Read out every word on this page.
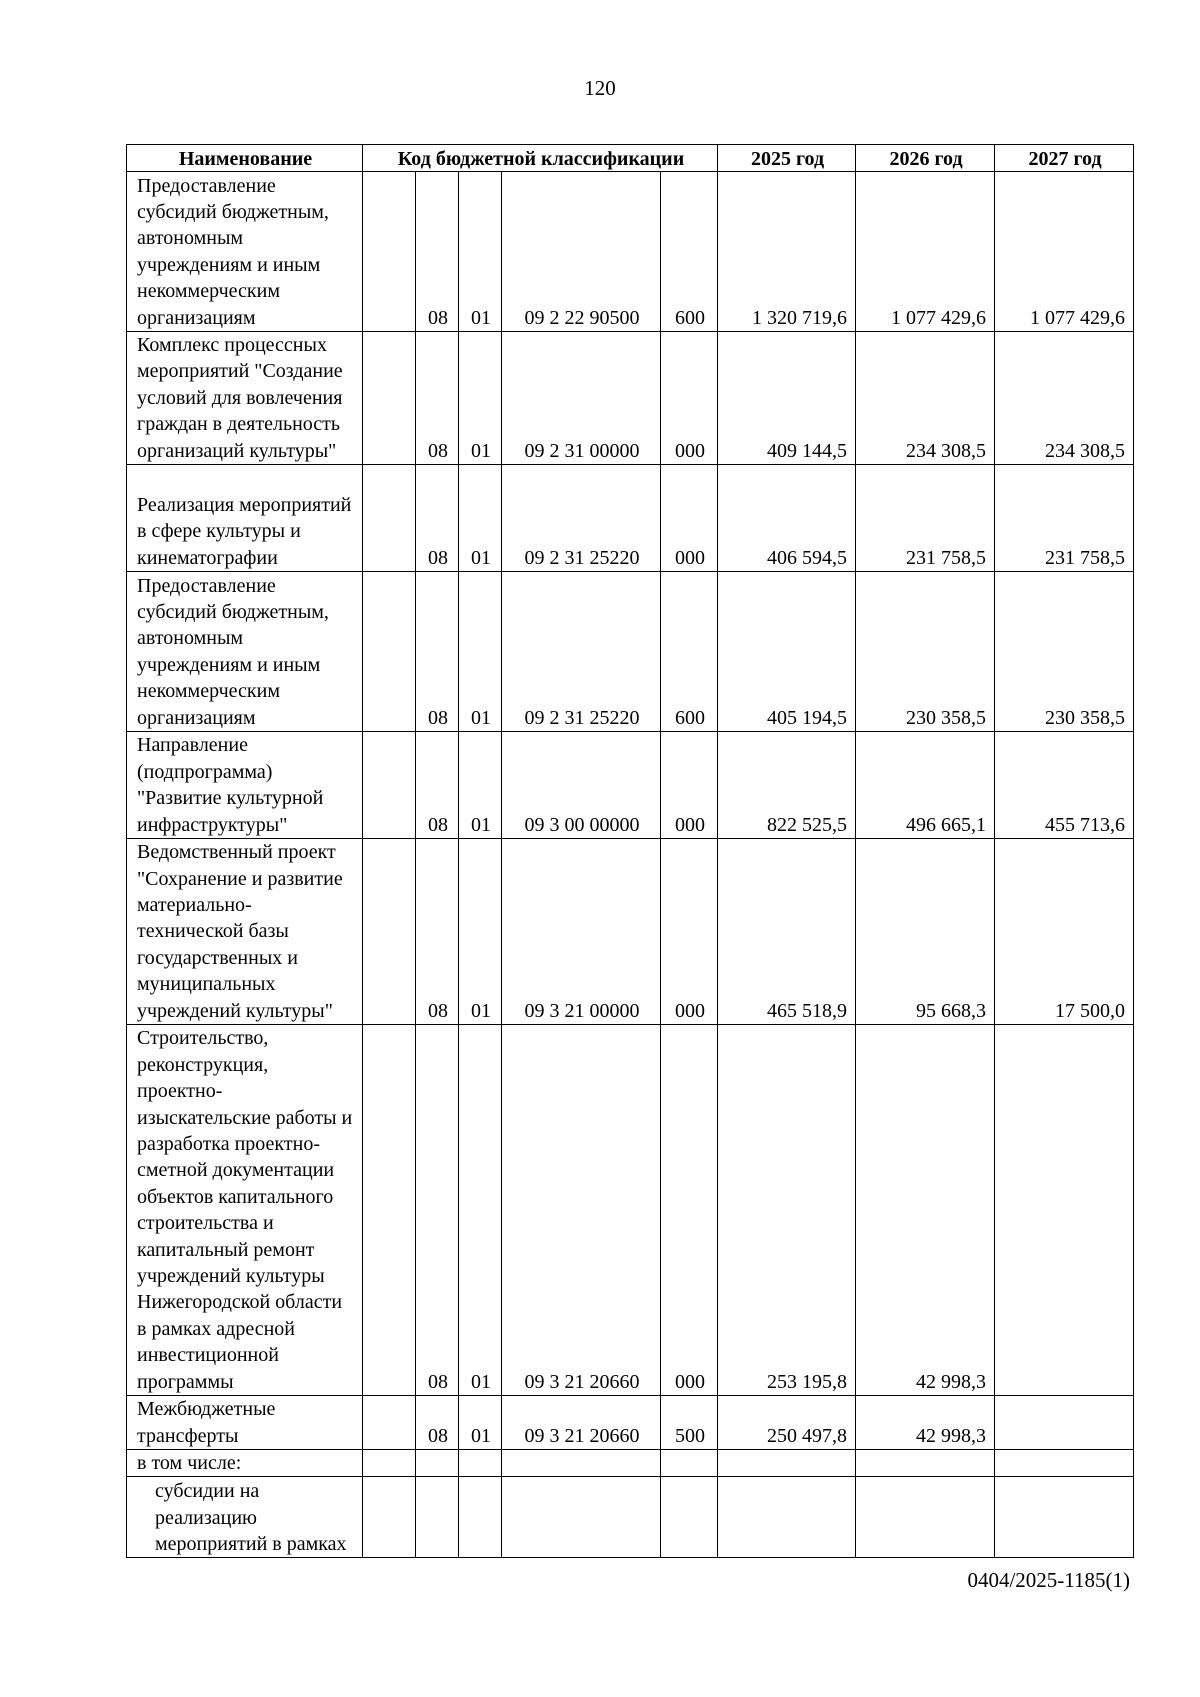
120
Наименование	Код бюджетной классификации					2025 год	2026 год	2027 год
Предоставление субсидий бюджетным, автономным учреждениям и иным некоммерческим организациям		08	01	09 2 22 90500	600	1 320 719,6	1 077 429,6	1 077 429,6
Комплекс процессных мероприятий "Создание условий для вовлечения граждан в деятельность организаций культуры"		08	01	09 2 31 00000	000	409 144,5	234 308,5	234 308,5
Реализация мероприятий в сфере культуры и кинематографии		08	01	09 2 31 25220	000	406 594,5	231 758,5	231 758,5
Предоставление субсидий бюджетным, автономным учреждениям и иным некоммерческим организациям		08	01	09 2 31 25220	600	405 194,5	230 358,5	230 358,5
Направление (подпрограмма) "Развитие культурной инфраструктуры"		08	01	09 3 00 00000	000	822 525,5	496 665,1	455 713,6
Ведомственный проект "Сохранение и развитие материально-технической базы государственных и муниципальных учреждений культуры"		08	01	09 3 21 00000	000	465 518,9	95 668,3	17 500,0
Строительство, реконструкция, проектно-изыскательские работы и разработка проектно-сметной документации объектов капитального строительства и капитальный ремонт учреждений культуры Нижегородской области в рамках адресной инвестиционной программы		08	01	09 3 21 20660	000	253 195,8	42 998,3	
Межбюджетные трансферты		08	01	09 3 21 20660	500	250 497,8	42 998,3	
в том числе:								
субсидии на реализацию мероприятий в рамках								
0404/2025-1185(1)
